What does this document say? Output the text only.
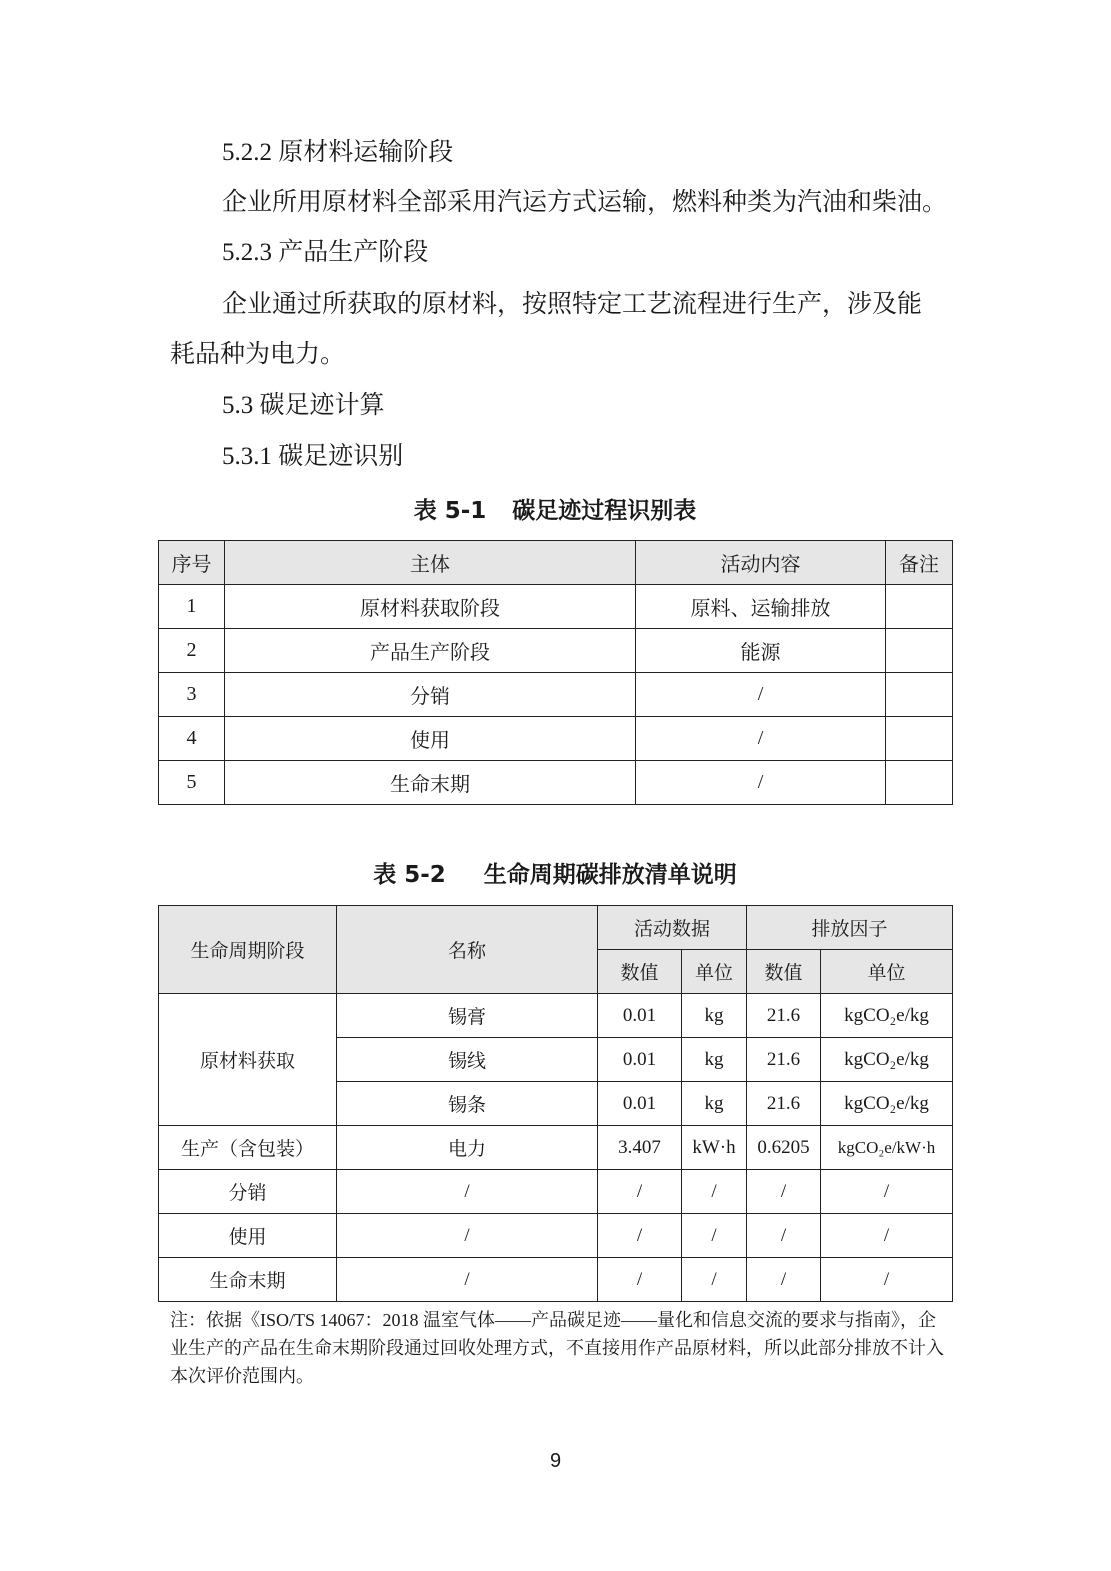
5.2.2 原材料运输阶段

企业所用原材料全部采用汽运方式运输，燃料种类为汽油和柴油。

5.2.3 产品生产阶段

企业通过所获取的原材料，按照特定工艺流程进行生产，涉及能

耗品种为电力。

5.3 碳足迹计算

5.3.1 碳足迹识别

表 5-1 碳足迹过程识别表

序号	主体	活动内容	备注
1	原材料获取阶段	原料、运输排放	
2	产品生产阶段	能源	
3	分销	/	
4	使用	/	
5	生命末期	/	

表 5-2 生命周期碳排放清单说明

生命周期阶段	名称	活动数据		排放因子	
		数值	单位	数值	单位
原材料获取	锡膏	0.01	kg	21.6	kgCO₂e/kg
	锡线	0.01	kg	21.6	kgCO₂e/kg
	锡条	0.01	kg	21.6	kgCO₂e/kg
生产（含包装）	电力	3.407	kW·h	0.6205	kgCO₂e/kW·h
分销	/	/	/	/	/
使用	/	/	/	/	/
生命末期	/	/	/	/	/

注：依据《ISO/TS 14067：2018 温室气体——产品碳足迹——量化和信息交流的要求与指南》，企业生产的产品在生命末期阶段通过回收处理方式，不直接用作产品原材料，所以此部分排放不计入本次评价范围内。

9
